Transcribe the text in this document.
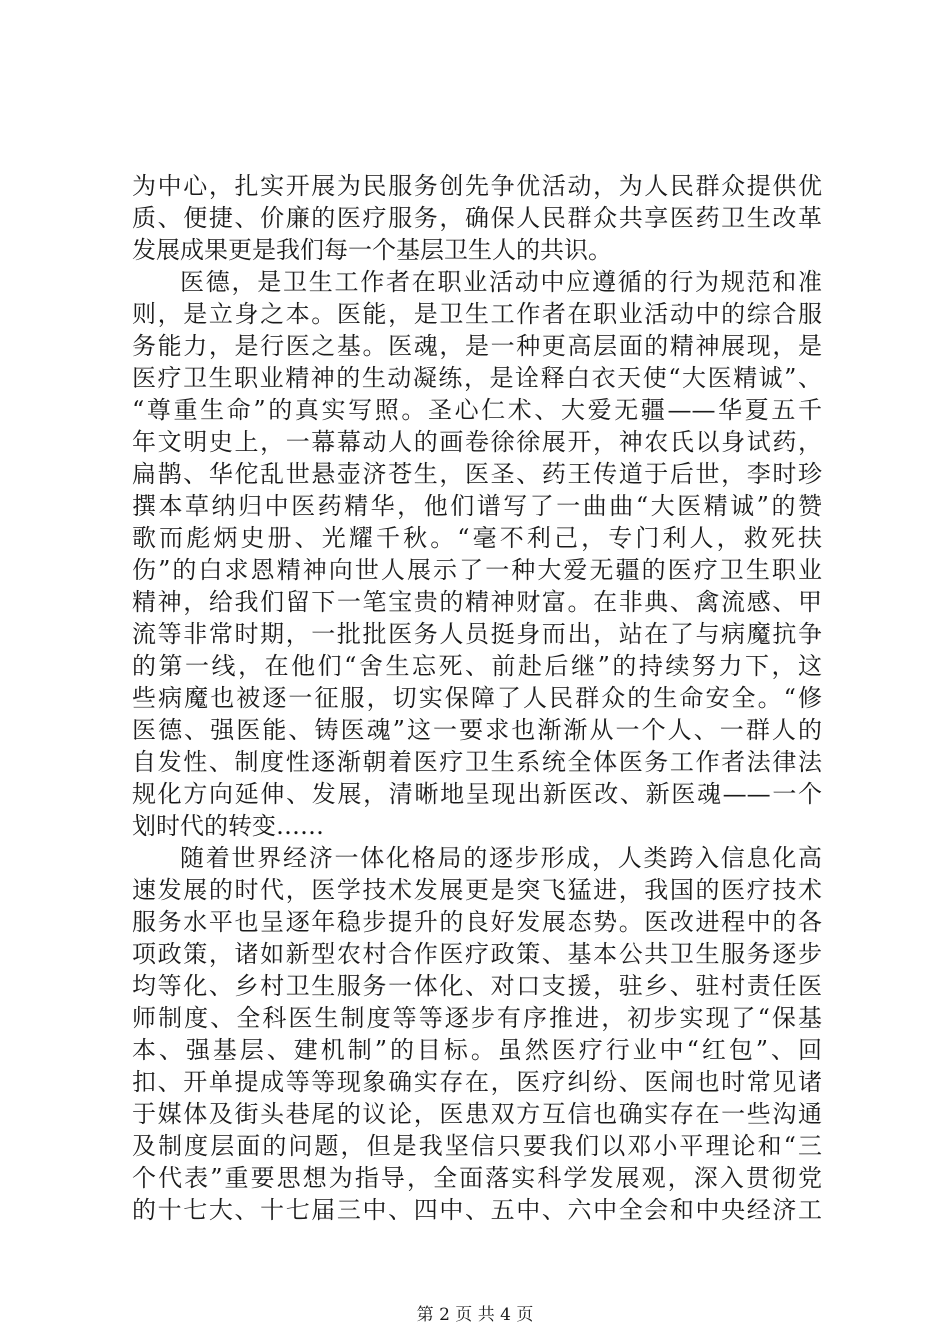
为中心，扎实开展为民服务创先争优活动，为人民群众提供优
质、便捷、价廉的医疗服务，确保人民群众共享医药卫生改革
发展成果更是我们每一个基层卫生人的共识。
医德，是卫生工作者在职业活动中应遵循的行为规范和准
则，是立身之本。医能，是卫生工作者在职业活动中的综合服
务能力，是行医之基。医魂，是一种更高层面的精神展现，是
医疗卫生职业精神的生动凝练，是诠释白衣天使“大医精诚”、
“尊重生命”的真实写照。圣心仁术、大爱无疆——华夏五千
年文明史上，一幕幕动人的画卷徐徐展开，神农氏以身试药，
扁鹊、华佗乱世悬壶济苍生，医圣、药王传道于后世，李时珍
撰本草纳归中医药精华，他们谱写了一曲曲“大医精诚”的赞
歌而彪炳史册、光耀千秋。“毫不利己，专门利人，救死扶
伤”的白求恩精神向世人展示了一种大爱无疆的医疗卫生职业
精神，给我们留下一笔宝贵的精神财富。在非典、禽流感、甲
流等非常时期，一批批医务人员挺身而出，站在了与病魔抗争
的第一线，在他们“舍生忘死、前赴后继”的持续努力下，这
些病魔也被逐一征服，切实保障了人民群众的生命安全。“修
医德、强医能、铸医魂”这一要求也渐渐从一个人、一群人的
自发性、制度性逐渐朝着医疗卫生系统全体医务工作者法律法
规化方向延伸、发展，清晰地呈现出新医改、新医魂——一个
划时代的转变……
随着世界经济一体化格局的逐步形成，人类跨入信息化高
速发展的时代，医学技术发展更是突飞猛进，我国的医疗技术
服务水平也呈逐年稳步提升的良好发展态势。医改进程中的各
项政策，诸如新型农村合作医疗政策、基本公共卫生服务逐步
均等化、乡村卫生服务一体化、对口支援，驻乡、驻村责任医
师制度、全科医生制度等等逐步有序推进，初步实现了“保基
本、强基层、建机制”的目标。虽然医疗行业中“红包”、回
扣、开单提成等等现象确实存在，医疗纠纷、医闹也时常见诸
于媒体及街头巷尾的议论，医患双方互信也确实存在一些沟通
及制度层面的问题，但是我坚信只要我们以邓小平理论和“三
个代表”重要思想为指导，全面落实科学发展观，深入贯彻党
的十七大、十七届三中、四中、五中、六中全会和中央经济工
第 2 页 共 4 页
